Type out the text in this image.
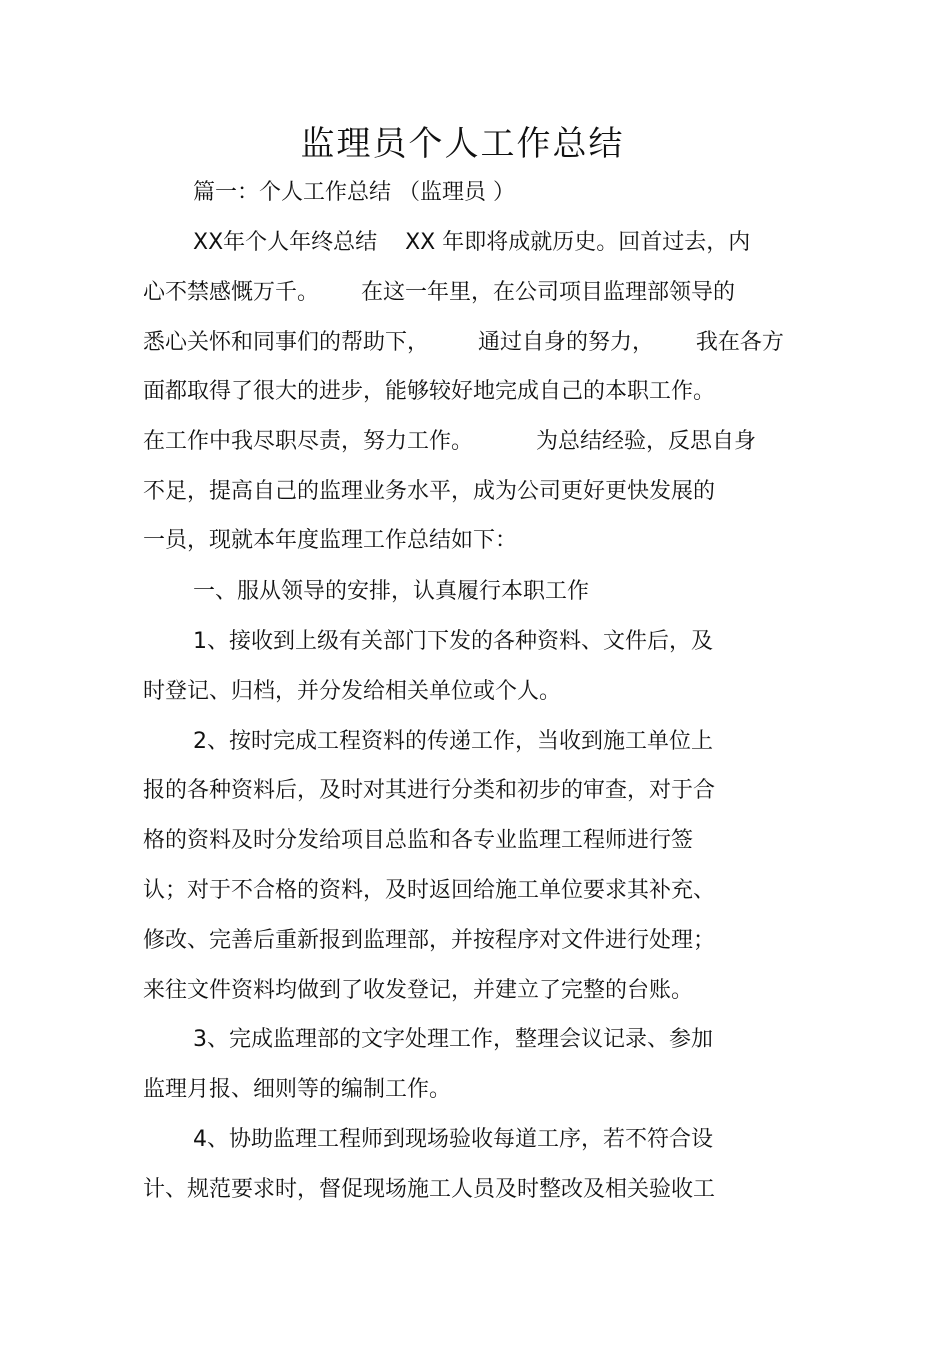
监理员个人工作总结
篇一：个人工作总结 （监理员 ）
XX年个人年终总结    XX 年即将成就历史。回首过去，内
心不禁感慨万千。      在这一年里，在公司项目监理部领导的
悉心关怀和同事们的帮助下，       通过自身的努力，      我在各方
面都取得了很大的进步，能够较好地完成自己的本职工作。
在工作中我尽职尽责，努力工作。         为总结经验，反思自身
不足，提高自己的监理业务水平，成为公司更好更快发展的
一员，现就本年度监理工作总结如下：
一、服从领导的安排，认真履行本职工作
1、接收到上级有关部门下发的各种资料、文件后，及
时登记、归档，并分发给相关单位或个人。
2、按时完成工程资料的传递工作，当收到施工单位上
报的各种资料后，及时对其进行分类和初步的审查，对于合
格的资料及时分发给项目总监和各专业监理工程师进行签
认；对于不合格的资料，及时返回给施工单位要求其补充、
修改、完善后重新报到监理部，并按程序对文件进行处理；
来往文件资料均做到了收发登记，并建立了完整的台账。
3、完成监理部的文字处理工作，整理会议记录、参加
监理月报、细则等的编制工作。
4、协助监理工程师到现场验收每道工序，若不符合设
计、规范要求时，督促现场施工人员及时整改及相关验收工
